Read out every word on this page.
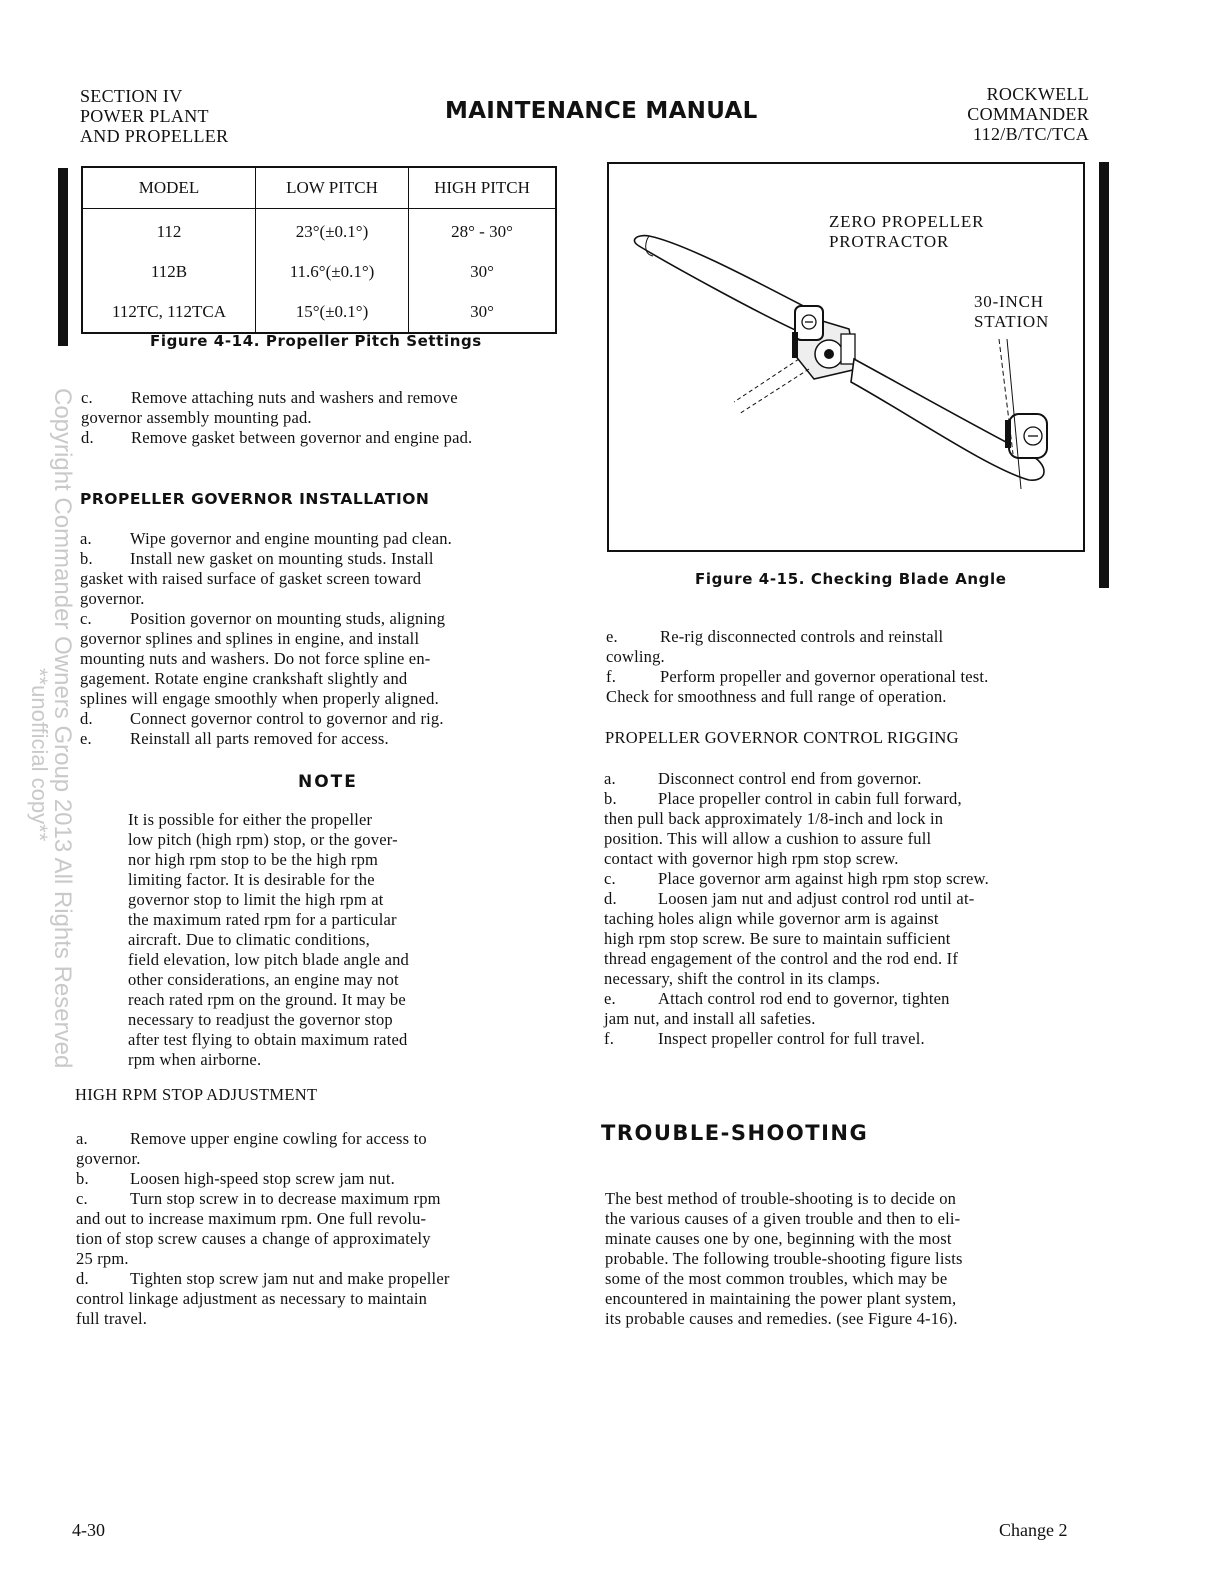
SECTION IV
POWER PLANT
AND PROPELLER
MAINTENANCE MANUAL
ROCKWELL
COMMANDER
112/B/TC/TCA
MODEL	LOW PITCH	HIGH PITCH
112	23°(±0.1°)	28° - 30°
112B	11.6°(±0.1°)	30°
112TC, 112TCA	15°(±0.1°)	30°
Figure 4-14. Propeller Pitch Settings
Copyright Commander Owners Group 2013 All Rights Reserved
**unofficial copy**
c. Remove attaching nuts and washers and remove
governor assembly mounting pad.
d. Remove gasket between governor and engine pad.
PROPELLER GOVERNOR INSTALLATION
a. Wipe governor and engine mounting pad clean.
b. Install new gasket on mounting studs. Install
gasket with raised surface of gasket screen toward
governor.
c. Position governor on mounting studs, aligning
governor splines and splines in engine, and install
mounting nuts and washers. Do not force spline en-
gagement. Rotate engine crankshaft slightly and
splines will engage smoothly when properly aligned.
d. Connect governor control to governor and rig.
e. Reinstall all parts removed for access.
NOTE
It is possible for either the propeller
low pitch (high rpm) stop, or the gover-
nor high rpm stop to be the high rpm
limiting factor. It is desirable for the
governor stop to limit the high rpm at
the maximum rated rpm for a particular
aircraft. Due to climatic conditions,
field elevation, low pitch blade angle and
other considerations, an engine may not
reach rated rpm on the ground. It may be
necessary to readjust the governor stop
after test flying to obtain maximum rated
rpm when airborne.
HIGH RPM STOP ADJUSTMENT
a.	Remove upper engine cowling for access to
governor.
b. Loosen high-speed stop screw jam nut.
c.	Turn stop screw in to decrease maximum rpm
and out to increase maximum rpm. One full revolu-
tion of stop screw causes a change of approximately
25 rpm.
d. Tighten stop screw jam nut and make propeller
control linkage adjustment as necessary to maintain
full travel.
ZERO PROPELLER
PROTRACTOR
30-INCH
STATION
Figure 4-15. Checking Blade Angle
e.	Re-rig disconnected controls and reinstall
cowling.
f.	Perform propeller and governor operational test.
Check for smoothness and full range of operation.
PROPELLER GOVERNOR CONTROL RIGGING
a.	Disconnect control end from governor.
b. Place propeller control in cabin full forward,
then pull back approximately 1/8-inch and lock in
position. This will allow a cushion to assure full
contact with governor high rpm stop screw.
c.	Place governor arm against high rpm stop screw.
d. Loosen jam nut and adjust control rod until at-
taching holes align while governor arm is against
high rpm stop screw. Be sure to maintain sufficient
thread engagement of the control and the rod end. If
necessary, shift the control in its clamps.
e.	Attach control rod end to governor, tighten
jam nut, and install all safeties.
f.	Inspect propeller control for full travel.
TROUBLE-SHOOTING
The best method of trouble-shooting is to decide on
the various causes of a given trouble and then to eli-
minate causes one by one, beginning with the most
probable. The following trouble-shooting figure lists
some of the most common troubles, which may be
encountered in maintaining the power plant system,
its probable causes and remedies. (see Figure 4-16).
4-30	Change 2
